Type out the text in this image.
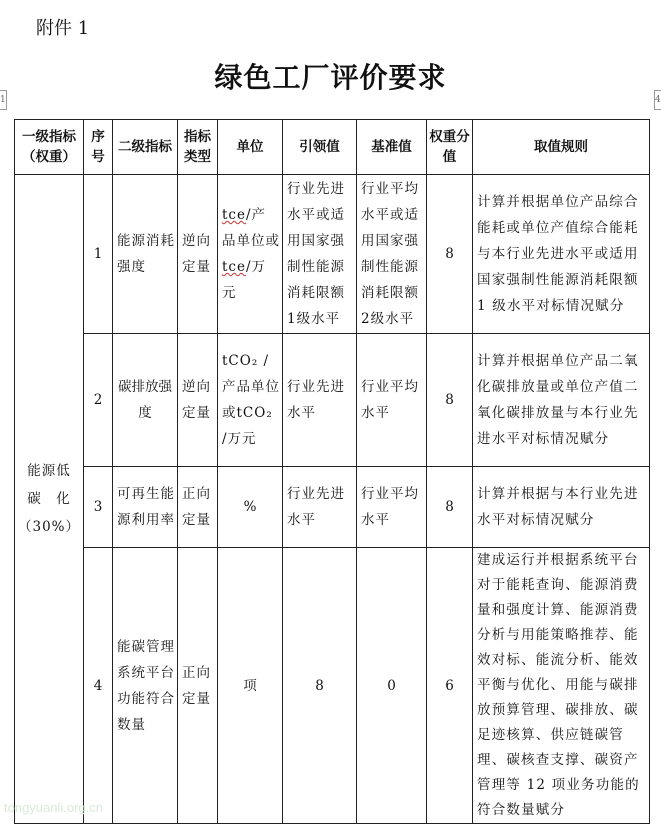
附件 1
绿色工厂评价要求
1	4
一级指标（权重）	序号	二级指标	指标类型	单位	引领值	基准值	权重分值	取值规则

能源低
碳　化
（30%）	1	能源消耗强度	逆向定量	tce/产品单位或
tce/万元	行业先进水平或适用国家强制性能源消耗限额1级水平	行业平均水平或适用国家强制性能源消耗限额2级水平	8	计算并根据单位产品综合能耗或单位产值综合能耗与本行业先进水平或适用国家强制性能源消耗限额 1 级水平对标情况赋分
	2	碳排放强度	逆向定量	tCO₂ /产品单位或tCO₂ /万元	行业先进水平	行业平均水平	8	计算并根据单位产品二氧化碳排放量或单位产值二氧化碳排放量与本行业先进水平对标情况赋分
	3	可再生能源利用率	正向定量	%	行业先进水平	行业平均水平	8	计算并根据与本行业先进水平对标情况赋分
	4	能碳管理系统平台功能符合数量	正向定量	项	8	0	6	建成运行并根据系统平台对于能耗查询、能源消费量和强度计算、能源消费分析与用能策略推荐、能效对标、能流分析、能效平衡与优化、用能与碳排放预算管理、碳排放、碳足迹核算、供应链碳管理、碳核查支撑、碳资产管理等 12 项业务功能的符合数量赋分
tongyuanli.org.cn
